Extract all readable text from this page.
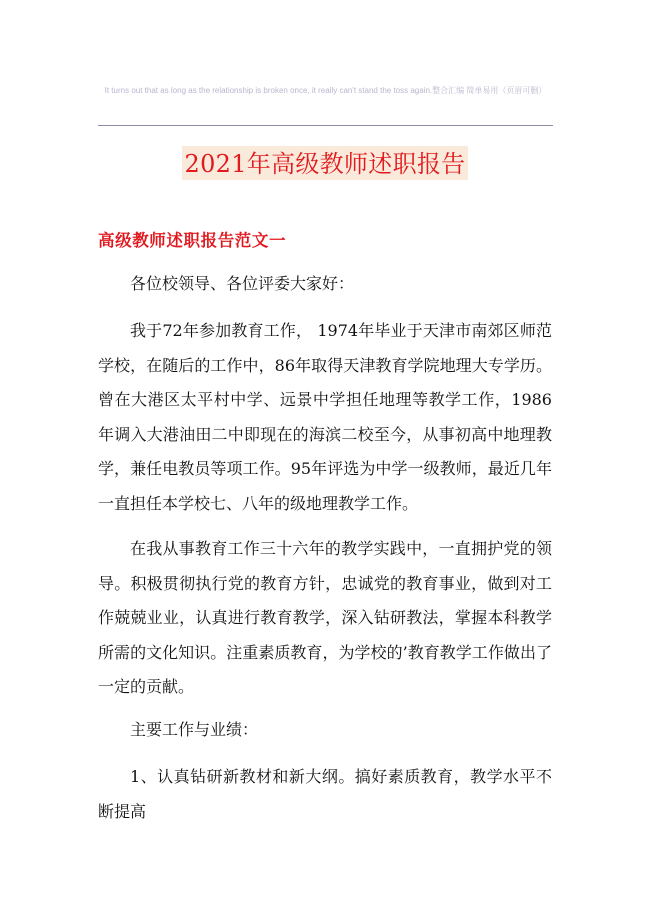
It turns out that as long as the relationship is broken once, it really can't stand the toss again.整合汇编 简单易用（页眉可删）
2021年高级教师述职报告
高级教师述职报告范文一
各位校领导、各位评委大家好：
我于72年参加教育工作， 1974年毕业于天津市南郊区师范学校，在随后的工作中，86年取得天津教育学院地理大专学历。曾在大港区太平村中学、远景中学担任地理等教学工作，1986年调入大港油田二中即现在的海滨二校至今，从事初高中地理教学，兼任电教员等项工作。95年评选为中学一级教师，最近几年一直担任本学校七、八年的级地理教学工作。
在我从事教育工作三十六年的教学实践中，一直拥护党的领导。积极贯彻执行党的教育方针，忠诚党的教育事业，做到对工作兢兢业业，认真进行教育教学，深入钻研教法，掌握本科教学所需的文化知识。注重素质教育，为学校的’教育教学工作做出了一定的贡献。
主要工作与业绩：
1、认真钻研新教材和新大纲。搞好素质教育，教学水平不断提高
